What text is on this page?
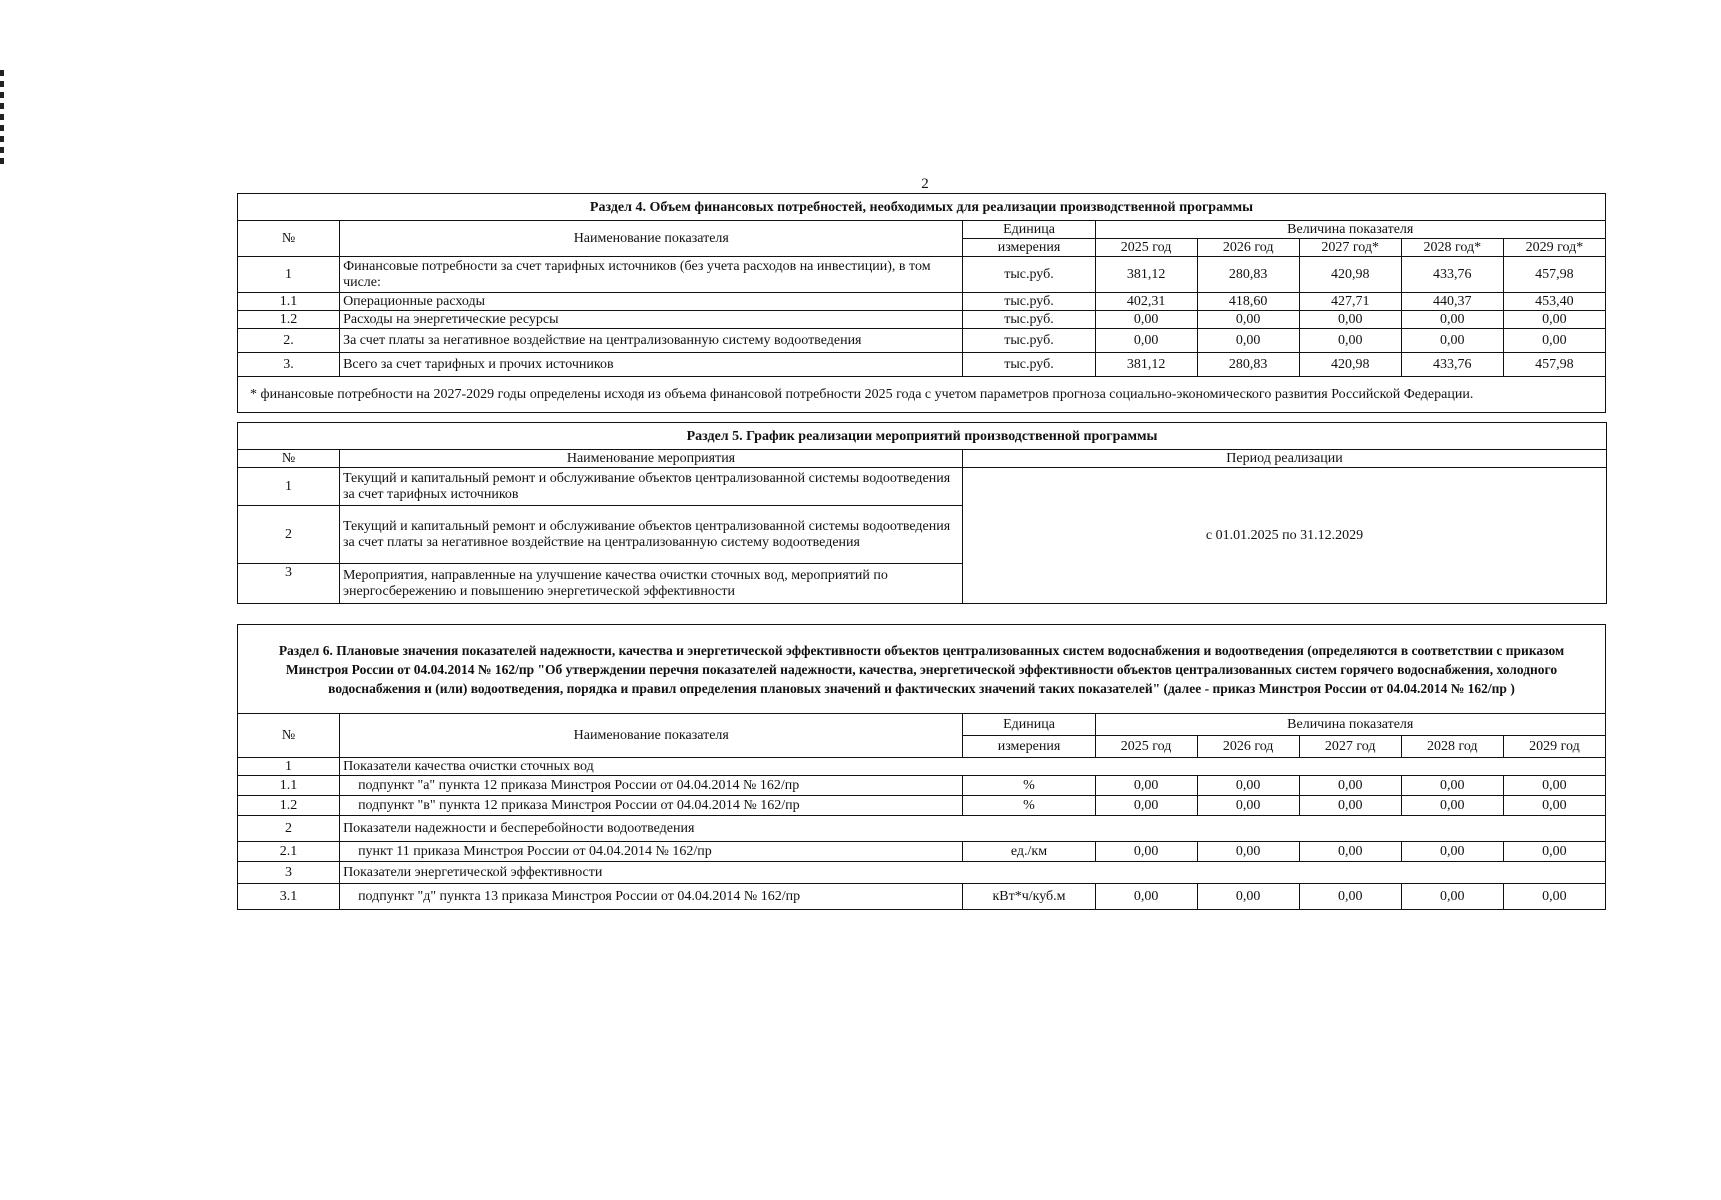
2
Раздел 4. Объем финансовых потребностей, необходимых для реализации производственной программы							
№	Наименование показателя	Единица	Величина показателя				
		измерения	2025 год	2026 год	2027 год*	2028 год*	2029 год*
1	Финансовые потребности за счет тарифных источников (без учета расходов на инвестиции), в том числе:	тыс.руб.	381,12	280,83	420,98	433,76	457,98
1.1	Операционные расходы	тыс.руб.	402,31	418,60	427,71	440,37	453,40
1.2	Расходы на энергетические ресурсы	тыс.руб.	0,00	0,00	0,00	0,00	0,00
2.	За счет платы за негативное воздействие на централизованную систему водоотведения	тыс.руб.	0,00	0,00	0,00	0,00	0,00
3.	Всего за счет тарифных и прочих источников	тыс.руб.	381,12	280,83	420,98	433,76	457,98
* финансовые потребности на 2027-2029 годы определены исходя из объема финансовой потребности 2025 года с учетом параметров прогноза социально-экономического развития Российской Федерации.							
Раздел 5. График реализации мероприятий производственной программы		
№	Наименование мероприятия	Период реализации
1	Текущий и капитальный ремонт и обслуживание объектов централизованной системы водоотведения за счет тарифных источников	с 01.01.2025 по 31.12.2029
2	Текущий и капитальный ремонт и обслуживание объектов централизованной системы водоотведения за счет платы за негативное воздействие на централизованную систему водоотведения	
3	Мероприятия, направленные на улучшение качества очистки сточных вод, мероприятий по энергосбережению и повышению энергетической эффективности	
Раздел 6. Плановые значения показателей надежности, качества и энергетической эффективности объектов централизованных систем водоснабжения и водоотведения (определяются в соответствии с приказом Минстроя России от 04.04.2014 № 162/пр "Об утверждении перечня показателей надежности, качества, энергетической эффективности объектов централизованных систем горячего водоснабжения, холодного водоснабжения и (или) водоотведения, порядка и правил определения плановых значений и фактических значений таких показателей" (далее - приказ Минстроя России от 04.04.2014 № 162/пр )							
№	Наименование показателя	Единица	Величина показателя				
		измерения	2025 год	2026 год	2027 год	2028 год	2029 год
1	Показатели качества очистки сточных вод						
1.1	подпункт "а" пункта 12 приказа Минстроя России от 04.04.2014 № 162/пр	%	0,00	0,00	0,00	0,00	0,00
1.2	подпункт "в" пункта 12 приказа Минстроя России от 04.04.2014 № 162/пр	%	0,00	0,00	0,00	0,00	0,00
2	Показатели надежности и бесперебойности водоотведения						
2.1	пункт 11 приказа Минстроя России от 04.04.2014 № 162/пр	ед./км	0,00	0,00	0,00	0,00	0,00
3	Показатели энергетической эффективности						
3.1	подпункт "д" пункта 13 приказа Минстроя России от 04.04.2014 № 162/пр	кВт*ч/куб.м	0,00	0,00	0,00	0,00	0,00
